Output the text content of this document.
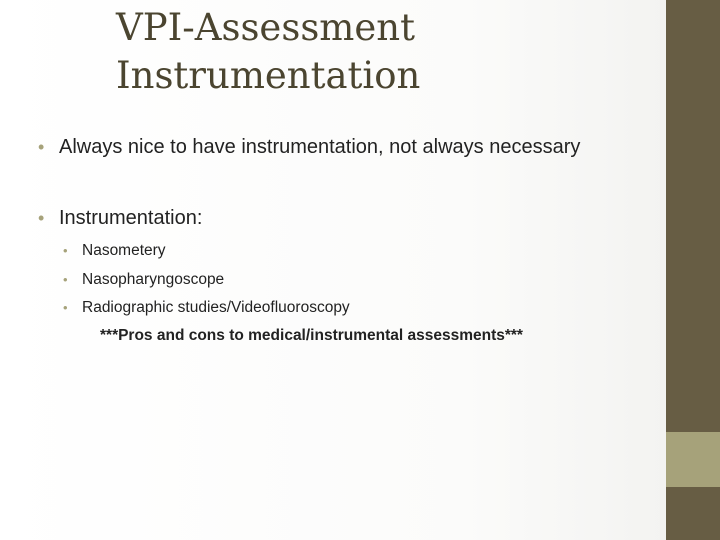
VPI-Assessment
Instrumentation
• Always nice to have instrumentation, not always necessary
• Instrumentation:
• Nasometery
• Nasopharyngoscope
• Radiographic studies/Videofluoroscopy
***Pros and cons to medical/instrumental assessments***
